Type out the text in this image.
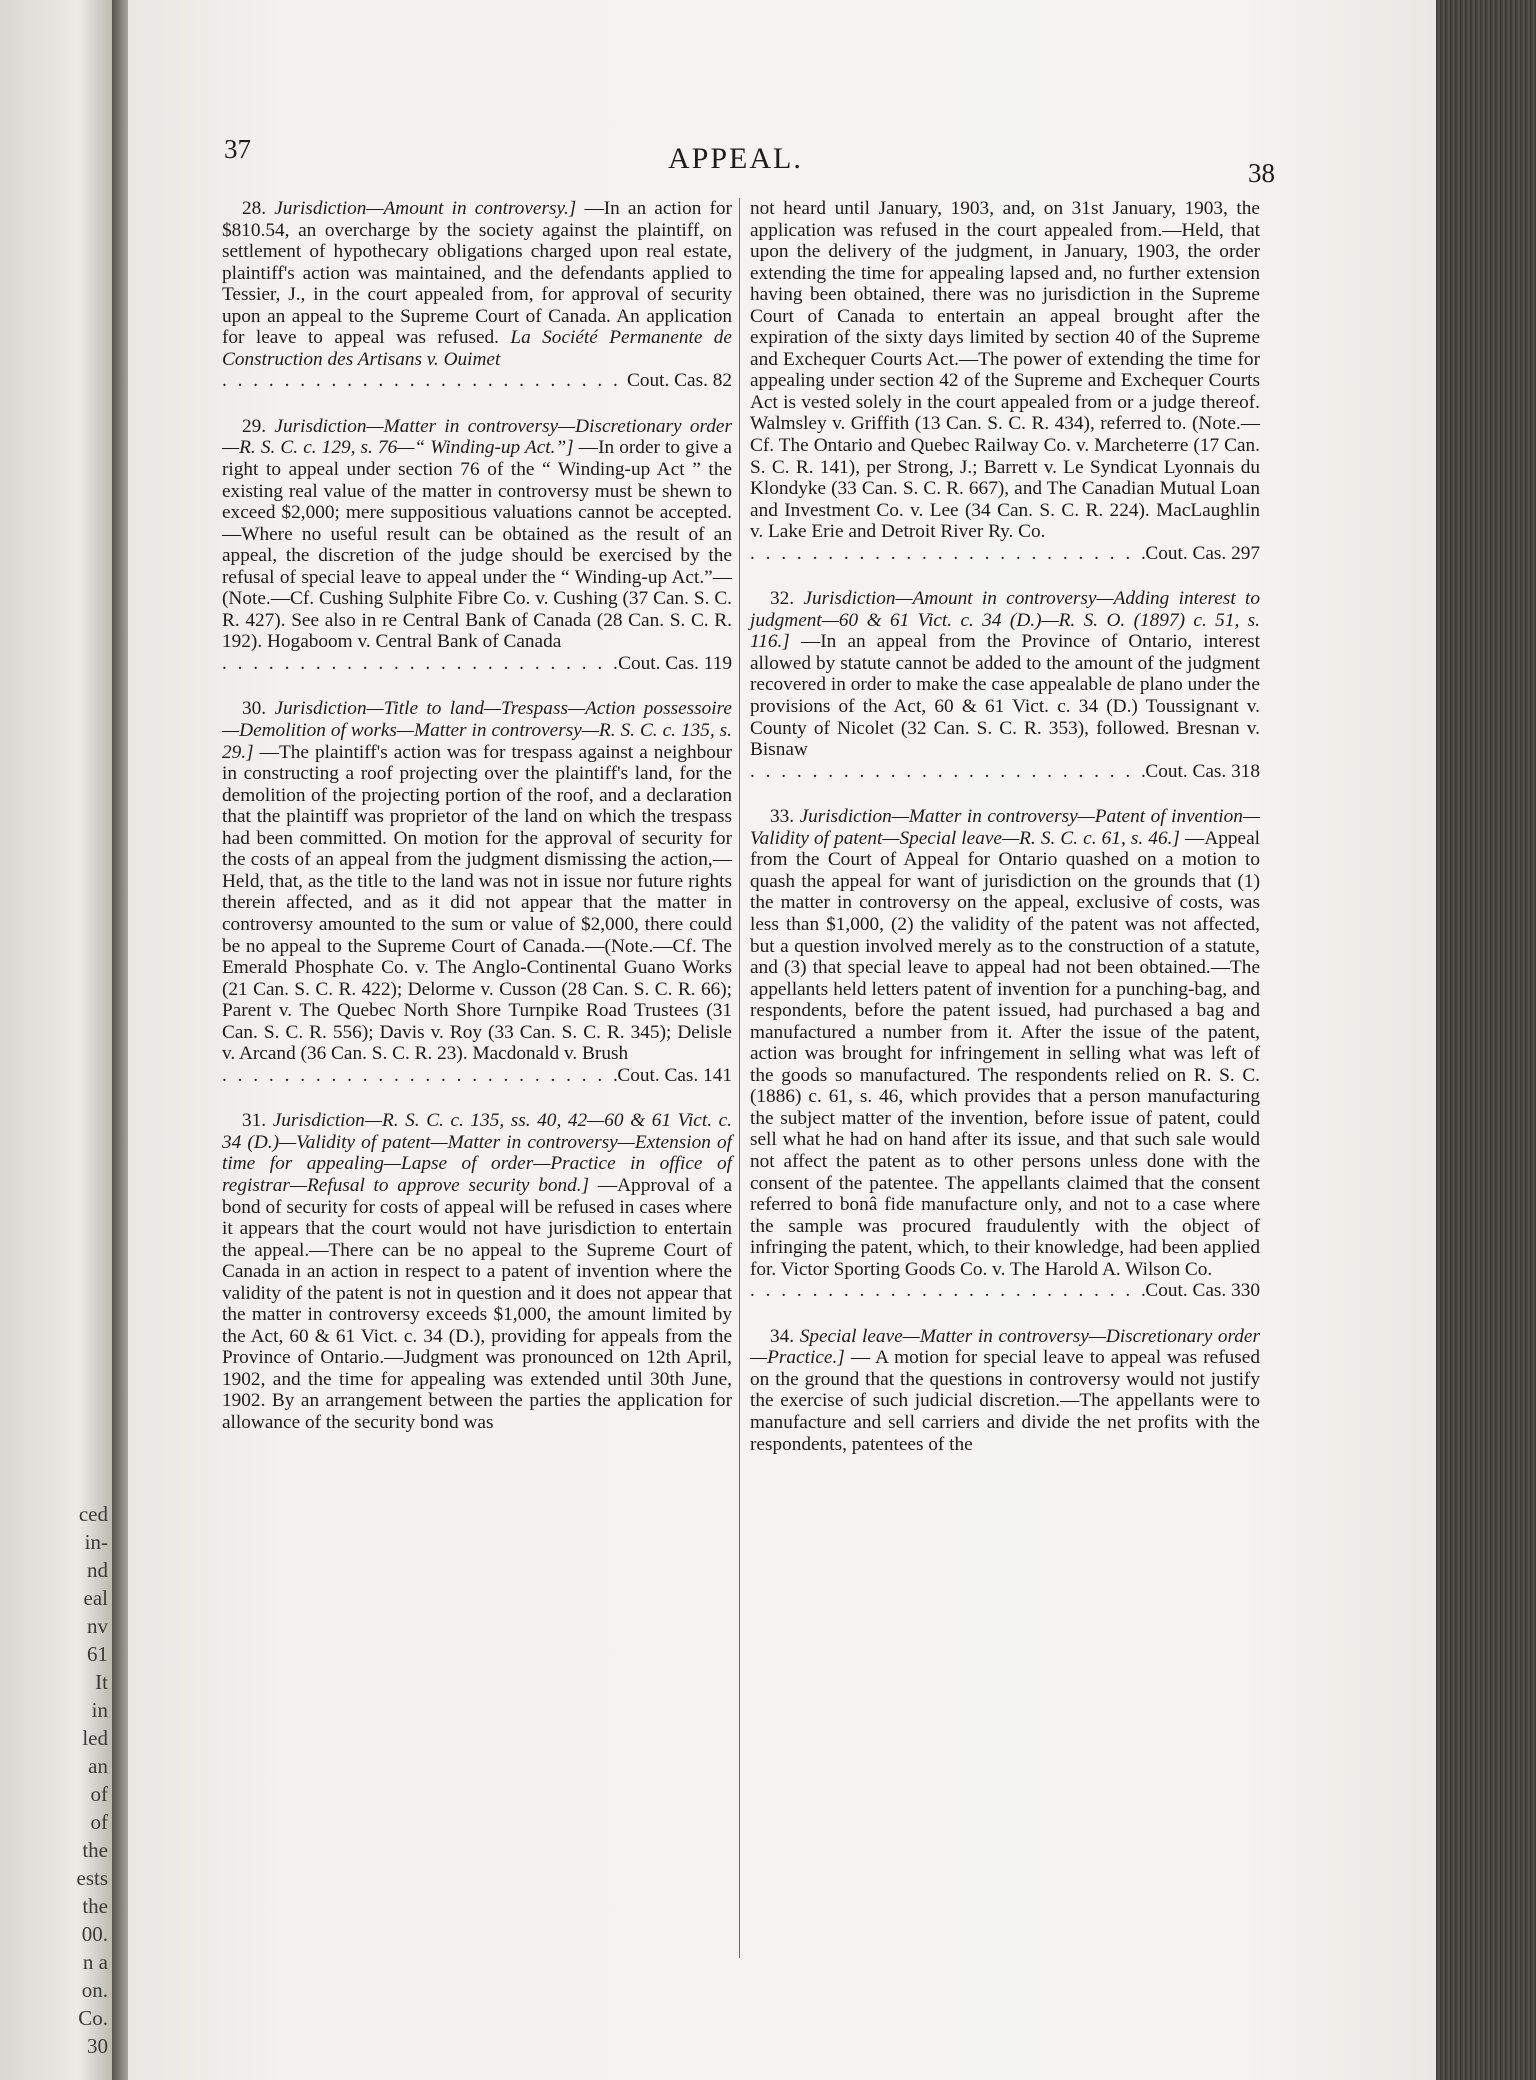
ced
in-
nd
eal
nv
61
It
in
led
an
of
of
the
ests
the
00.
n a
on.
Co.
30
37	APPEAL.	38

28. Jurisdiction—Amount in controversy.] —In an action for $810.54, an overcharge by the society against the plaintiff, on settlement of hypothecary obligations charged upon real estate, plaintiff's action was maintained, and the defendants applied to Tessier, J., in the court appealed from, for approval of security upon an appeal to the Supreme Court of Canada. An application for leave to appeal was refused. La Société Permanente de Construction des Artisans v. Ouimet
. . .
Cout. Cas. 82

29. Jurisdiction—Matter in controversy—Discretionary order—R. S. C. c. 129, s. 76—“ Winding-up Act.”] —In order to give a right to appeal under section 76 of the “ Winding-up Act ” the existing real value of the matter in controversy must be shewn to exceed $2,000; mere suppositious valuations cannot be accepted.—Where no useful result can be obtained as the result of an appeal, the discretion of the judge should be exercised by the refusal of special leave to appeal under the “ Winding-up Act.”—(Note.—Cf. Cushing Sulphite Fibre Co. v. Cushing (37 Can. S. C. R. 427). See also in re Central Bank of Canada (28 Can. S. C. R. 192). Hogaboom v. Central Bank of Canada
. . .
Cout. Cas. 119

30. Jurisdiction—Title to land—Trespass—Action possessoire—Demolition of works—Matter in controversy—R. S. C. c. 135, s. 29.] —The plaintiff's action was for trespass against a neighbour in constructing a roof projecting over the plaintiff's land, for the demolition of the projecting portion of the roof, and a declaration that the plaintiff was proprietor of the land on which the trespass had been committed. On motion for the approval of security for the costs of an appeal from the judgment dismissing the action,—Held, that, as the title to the land was not in issue nor future rights therein affected, and as it did not appear that the matter in controversy amounted to the sum or value of $2,000, there could be no appeal to the Supreme Court of Canada.—(Note.—Cf. The Emerald Phosphate Co. v. The Anglo-Continental Guano Works (21 Can. S. C. R. 422); Delorme v. Cusson (28 Can. S. C. R. 66); Parent v. The Quebec North Shore Turnpike Road Trustees (31 Can. S. C. R. 556); Davis v. Roy (33 Can. S. C. R. 345); Delisle v. Arcand (36 Can. S. C. R. 23). Macdonald v. Brush
. . .
Cout. Cas. 141

31. Jurisdiction—R. S. C. c. 135, ss. 40, 42—60 & 61 Vict. c. 34 (D.)—Validity of patent—Matter in controversy—Extension of time for appealing—Lapse of order—Practice in office of registrar—Refusal to approve security bond.] —Approval of a bond of security for costs of appeal will be refused in cases where it appears that the court would not have jurisdiction to entertain the appeal.—There can be no appeal to the Supreme Court of Canada in an action in respect to a patent of invention where the validity of the patent is not in question and it does not appear that the matter in controversy exceeds $1,000, the amount limited by the Act, 60 & 61 Vict. c. 34 (D.), providing for appeals from the Province of Ontario.—Judgment was pronounced on 12th April, 1902, and the time for appealing was extended until 30th June, 1902. By an arrangement between the parties the application for allowance of the security bond was

not heard until January, 1903, and, on 31st January, 1903, the application was refused in the court appealed from.—Held, that upon the delivery of the judgment, in January, 1903, the order extending the time for appealing lapsed and, no further extension having been obtained, there was no jurisdiction in the Supreme Court of Canada to entertain an appeal brought after the expiration of the sixty days limited by section 40 of the Supreme and Exchequer Courts Act.—The power of extending the time for appealing under section 42 of the Supreme and Exchequer Courts Act is vested solely in the court appealed from or a judge thereof. Walmsley v. Griffith (13 Can. S. C. R. 434), referred to. (Note.—Cf. The Ontario and Quebec Railway Co. v. Marcheterre (17 Can. S. C. R. 141), per Strong, J.; Barrett v. Le Syndicat Lyonnais du Klondyke (33 Can. S. C. R. 667), and The Canadian Mutual Loan and Investment Co. v. Lee (34 Can. S. C. R. 224). MacLaughlin v. Lake Erie and Detroit River Ry. Co.
. . .
Cout. Cas. 297

32. Jurisdiction—Amount in controversy—Adding interest to judgment—60 & 61 Vict. c. 34 (D.)—R. S. O. (1897) c. 51, s. 116.] —In an appeal from the Province of Ontario, interest allowed by statute cannot be added to the amount of the judgment recovered in order to make the case appealable de plano under the provisions of the Act, 60 & 61 Vict. c. 34 (D.) Toussignant v. County of Nicolet (32 Can. S. C. R. 353), followed. Bresnan v. Bisnaw
. . .
Cout. Cas. 318

33. Jurisdiction—Matter in controversy—Patent of invention—Validity of patent—Special leave—R. S. C. c. 61, s. 46.] —Appeal from the Court of Appeal for Ontario quashed on a motion to quash the appeal for want of jurisdiction on the grounds that (1) the matter in controversy on the appeal, exclusive of costs, was less than $1,000, (2) the validity of the patent was not affected, but a question involved merely as to the construction of a statute, and (3) that special leave to appeal had not been obtained.—The appellants held letters patent of invention for a punching-bag, and respondents, before the patent issued, had purchased a bag and manufactured a number from it. After the issue of the patent, action was brought for infringement in selling what was left of the goods so manufactured. The respondents relied on R. S. C. (1886) c. 61, s. 46, which provides that a person manufacturing the subject matter of the invention, before issue of patent, could sell what he had on hand after its issue, and that such sale would not affect the patent as to other persons unless done with the consent of the patentee. The appellants claimed that the consent referred to bonâ fide manufacture only, and not to a case where the sample was procured fraudulently with the object of infringing the patent, which, to their knowledge, had been applied for. Victor Sporting Goods Co. v. The Harold A. Wilson Co.
. . .
Cout. Cas. 330

34. Special leave—Matter in controversy—Discretionary order—Practice.] — A motion for special leave to appeal was refused on the ground that the questions in controversy would not justify the exercise of such judicial discretion.—The appellants were to manufacture and sell carriers and divide the net profits with the respondents, patentees of the
